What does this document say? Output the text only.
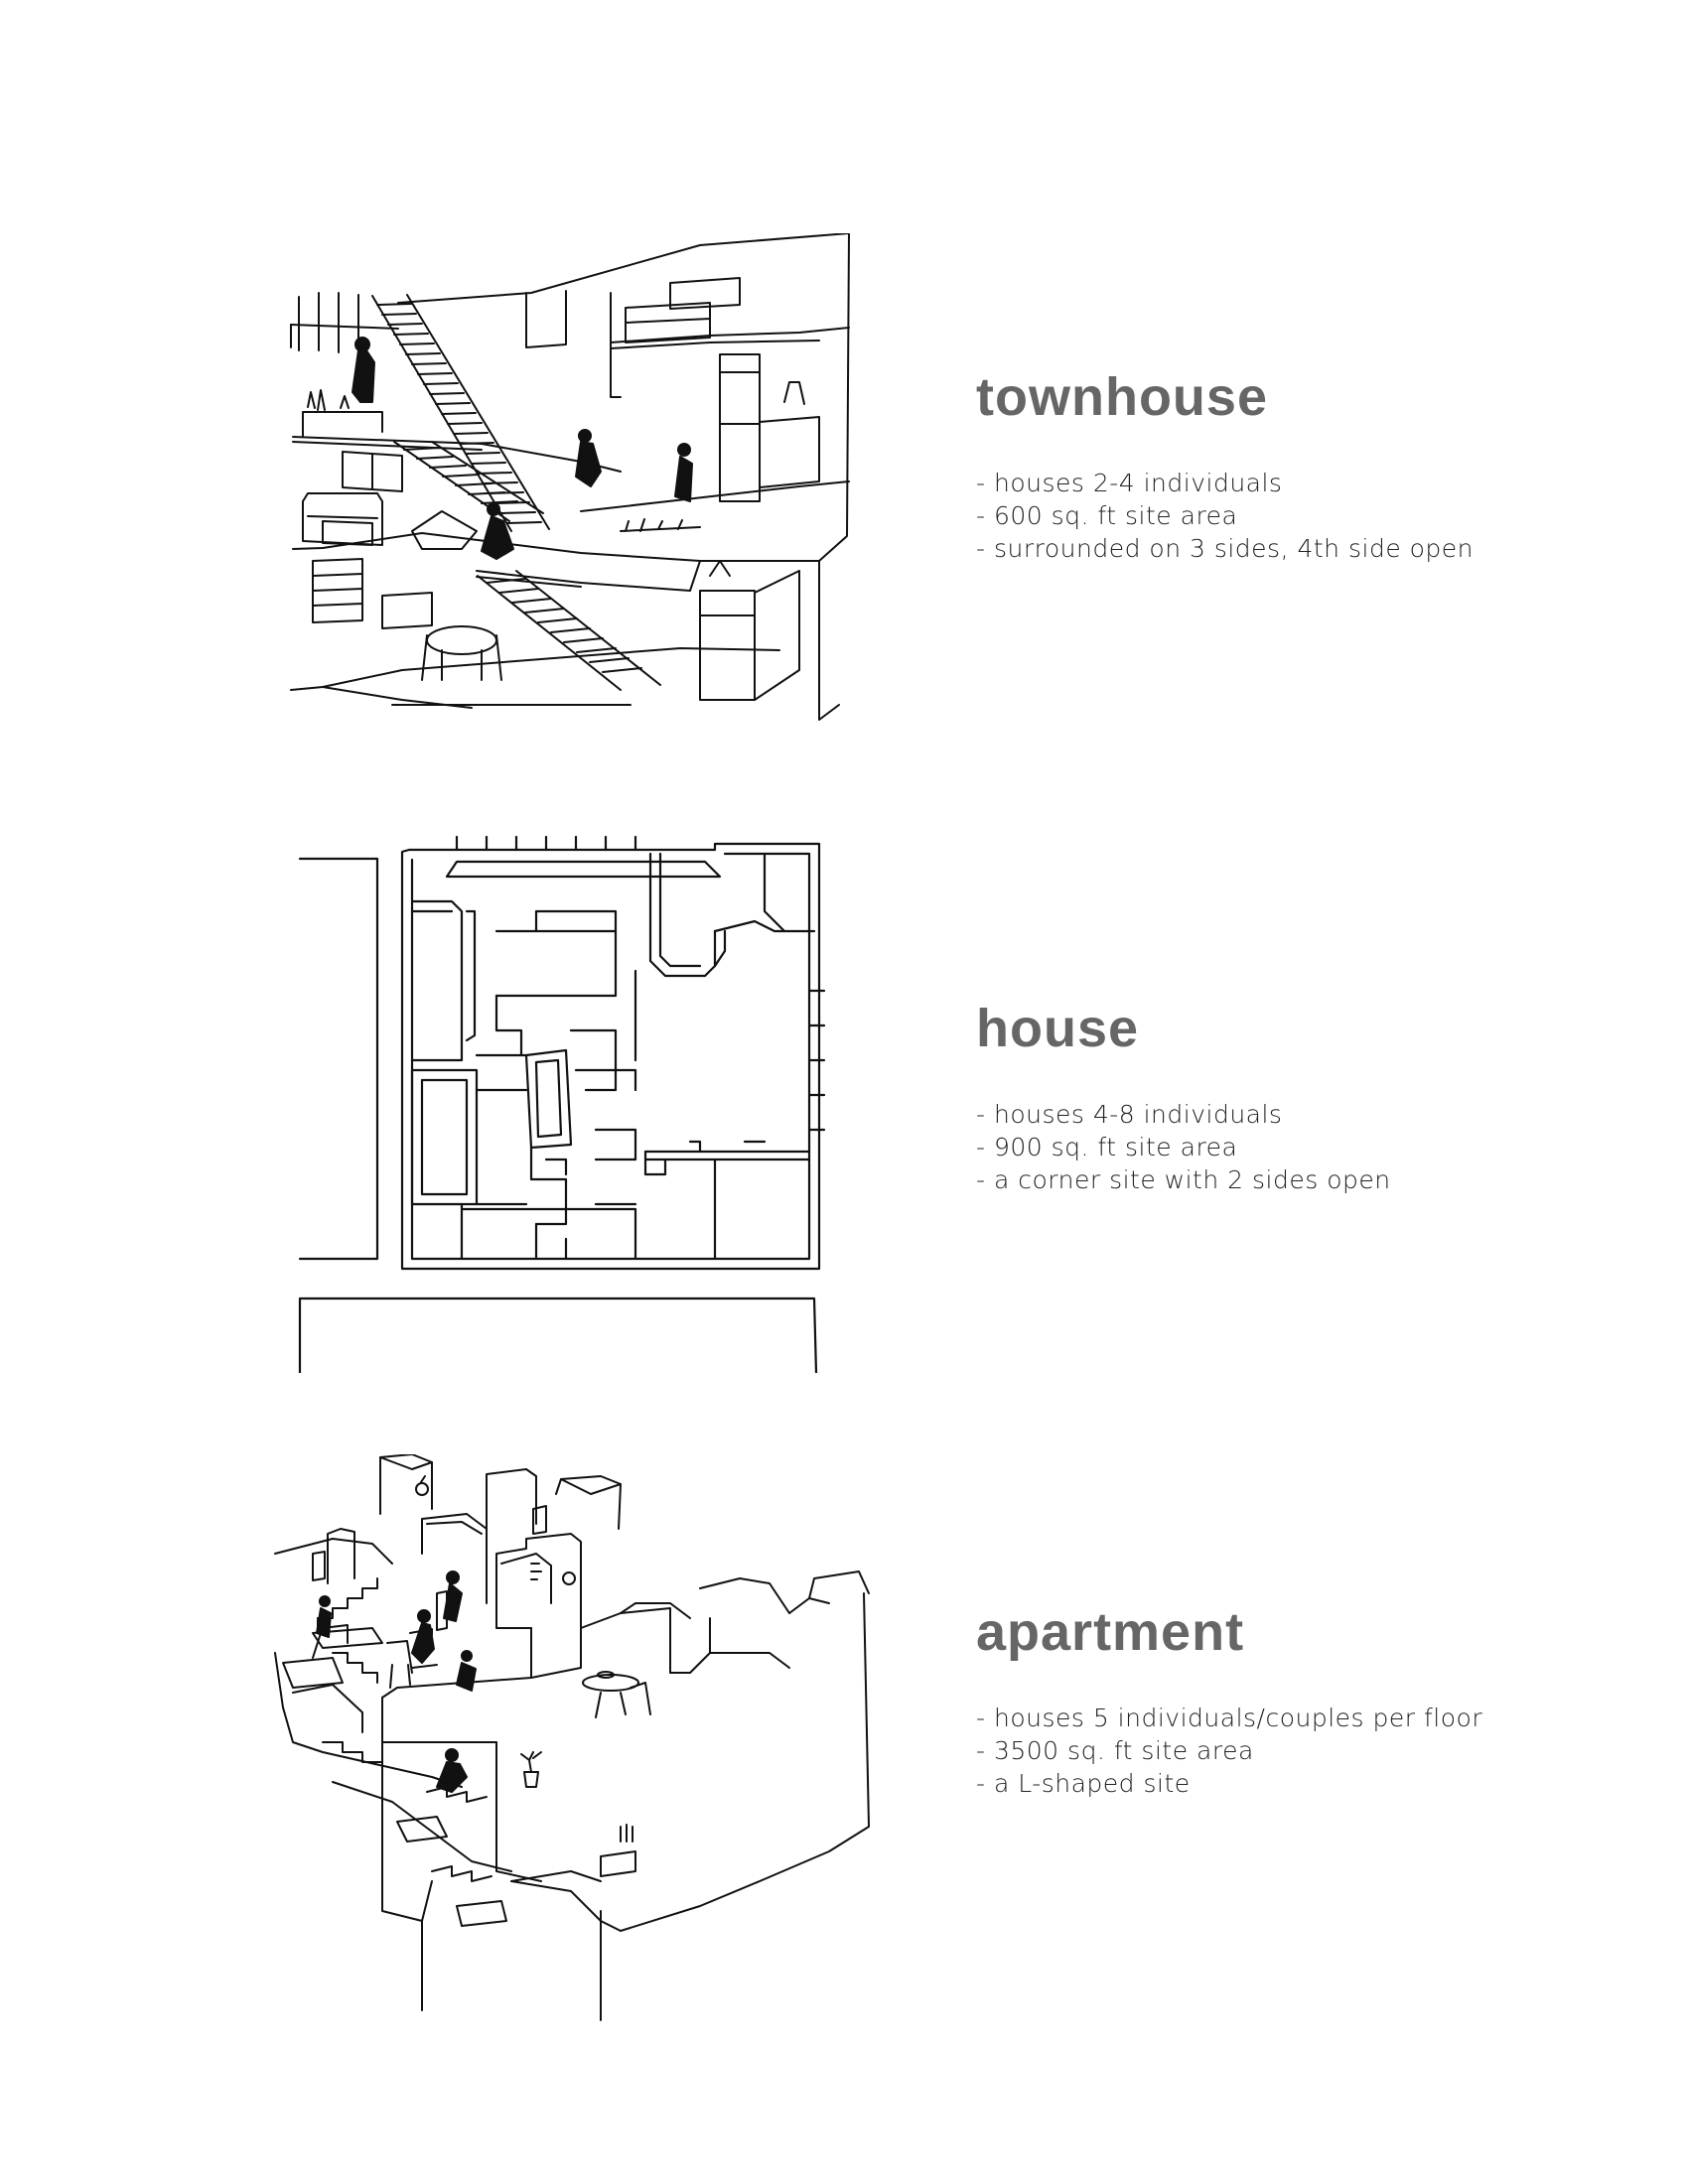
townhouse
- houses 2-4 individuals
- 600 sq. ft site area
- surrounded on 3 sides, 4th side open
house
- houses 4-8 individuals
- 900 sq. ft site area
- a corner site with 2 sides open
apartment
- houses 5 individuals/couples per floor
- 3500 sq. ft site area
- a L-shaped site
